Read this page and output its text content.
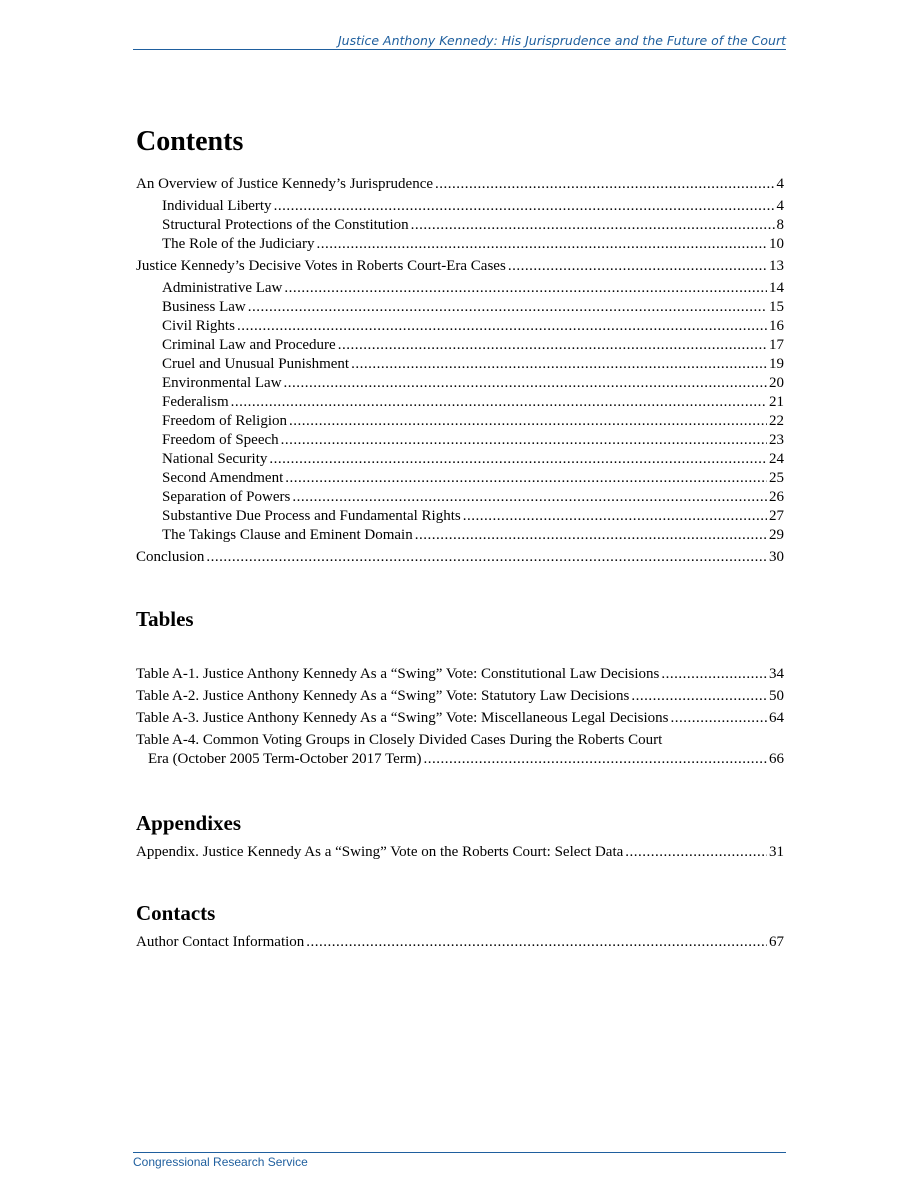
Justice Anthony Kennedy: His Jurisprudence and the Future of the Court
Contents
An Overview of Justice Kennedy’s Jurisprudence .....	4
Individual Liberty .....	4
Structural Protections of the Constitution .....	8
The Role of the Judiciary .....	10
Justice Kennedy’s Decisive Votes in Roberts Court-Era Cases .....	13
Administrative Law .....	14
Business Law .....	15
Civil Rights .....	16
Criminal Law and Procedure .....	17
Cruel and Unusual Punishment .....	19
Environmental Law .....	20
Federalism .....	21
Freedom of Religion .....	22
Freedom of Speech .....	23
National Security .....	24
Second Amendment .....	25
Separation of Powers .....	26
Substantive Due Process and Fundamental Rights .....	27
The Takings Clause and Eminent Domain .....	29
Conclusion .....	30
Tables
Table A-1. Justice Anthony Kennedy As a “Swing” Vote: Constitutional Law Decisions .....	34
Table A-2. Justice Anthony Kennedy As a “Swing” Vote: Statutory Law Decisions .....	50
Table A-3. Justice Anthony Kennedy As a “Swing” Vote: Miscellaneous Legal Decisions .....	64
Table A-4. Common Voting Groups in Closely Divided Cases During the Roberts Court
Era (October 2005 Term-October 2017 Term) .....	66
Appendixes
Appendix. Justice Kennedy As a “Swing” Vote on the Roberts Court: Select Data .....	31
Contacts
Author Contact Information .....	67
Congressional Research Service
